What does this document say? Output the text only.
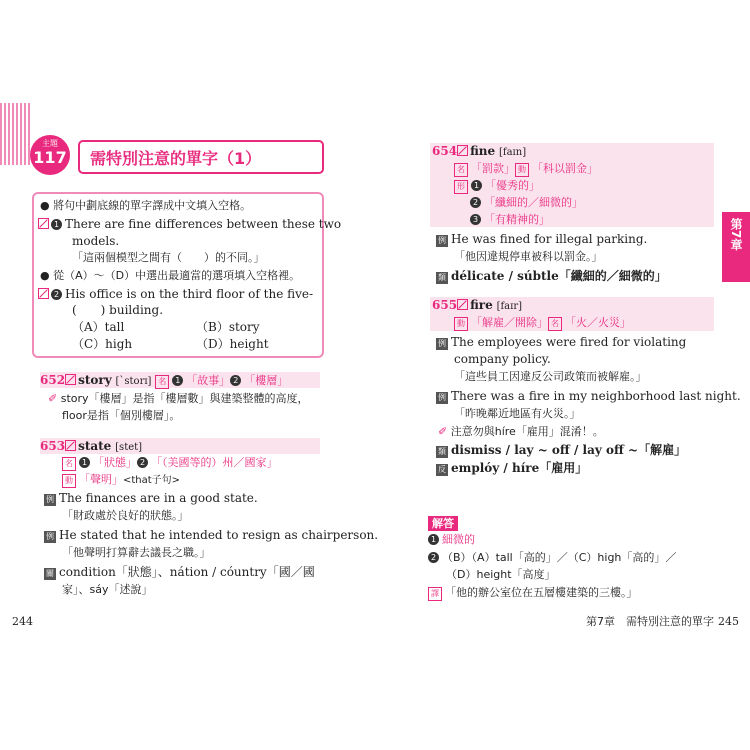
主題
117 需特別注意的單字（1）
● 將句中劃底線的單字譯成中文填入空格。
1 There are fine differences between these two
models.
「這兩個模型之間有（　　）的不同。」
● 從（A）～（D）中選出最適當的選項填入空格裡。
2 His office is on the third floor of the five-
(　　) building.
（A）tall	（B）story
（C）high	（D）height
652 story [ˋstorɪ] 名 1 「故事」 2 「樓層」
✐ story「樓層」是指「樓層數」與建築整體的高度，
floor是指「個別樓層」。
653 state [stet]
名 1 「狀態」 2 「（美國等的）州／國家」
動 「聲明」<that子句>
例 The finances are in a good state.
「財政處於良好的狀態。」
例 He stated that he intended to resign as chairperson.
「他聲明打算辭去議長之職。」
關 condition「狀態」、nátion / cóuntry「國／國
家」、sáy「述說」
244
第7章
654 fine [faɪn]
名 「罰款」 動 「科以罰金」
形 1 「優秀的」
2 「纖細的／細微的」
3 「有精神的」
例 He was fined for illegal parking.
「他因違規停車被科以罰金。」
類 délicate / súbtle「纖細的／細微的」
655 fire [faɪr]
動 「解雇／開除」 名 「火／火災」
例 The employees were fired for violating
company policy.
「這些員工因違反公司政策而被解雇。」
例 There was a fire in my neighborhood last night.
「昨晚鄰近地區有火災。」
✐ 注意勿與híre「雇用」混淆！。
類 dismiss / lay ~ off / lay off ~「解雇」
反 emplóy / híre「雇用」
解答
1 細微的
2 （B）（A）tall「高的」／（C）high「高的」／
（D）height「高度」
譯 「他的辦公室位在五層樓建築的三樓。」
第7章　需特別注意的單字 245
